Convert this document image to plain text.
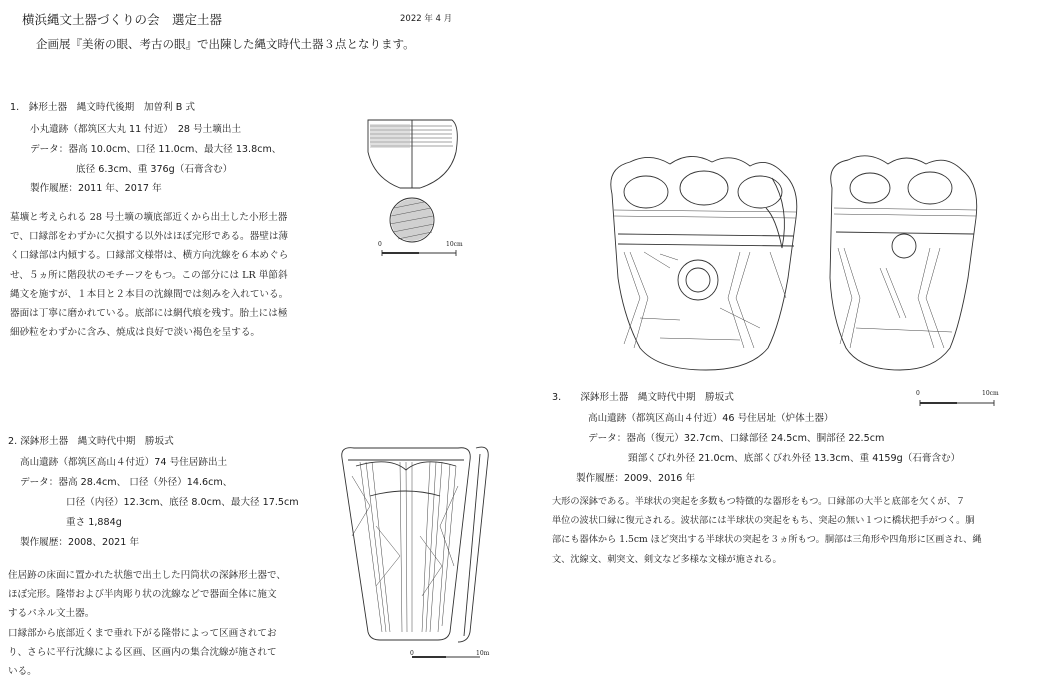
横浜縄文土器づくりの会　選定土器	2022 年 4 月
企画展『美術の眼、考古の眼』で出陳した縄文時代土器３点となります。
1.　鉢形土器　縄文時代後期　加曽利 B 式
小丸遺跡（都筑区大丸 11 付近）　28 号土壙出土
データ：器高 10.0cm、口径 11.0cm、最大径 13.8cm、
底径 6.3cm、重 376g（石膏含む）
製作履歴：2011 年、2017 年
墓壙と考えられる 28 号土壙の壙底部近くから出土した小形土器
で、口縁部をわずかに欠損する以外はほぼ完形である。器壁は薄
く口縁部は内傾する。口縁部文様帯は、横方向沈線を６本めぐら
せ、５ヵ所に階段状のモチーフをもつ。この部分には LR 単節斜
縄文を施すが、１本目と２本目の沈線間では刻みを入れている。
器面は丁寧に磨かれている。底部には網代痕を残す。胎土には極
細砂粒をわずかに含み、焼成は良好で淡い褐色を呈する。
0	10cm
2. 深鉢形土器　縄文時代中期　勝坂式
高山遺跡（都筑区高山４付近）74 号住居跡出土
データ：器高 28.4cm、 口径（外径）14.6cm、
口径（内径）12.3cm、底径 8.0cm、最大径 17.5cm
重さ 1,884g
製作履歴：2008、2021 年
住居跡の床面に置かれた状態で出土した円筒状の深鉢形土器で、
ほぼ完形。隆帯および半肉彫り状の沈線などで器面全体に施文
するパネル文土器。
口縁部から底部近くまで垂れ下がる隆帯によって区画されてお
り、さらに平行沈線による区画、区画内の集合沈線が施されて
いる。
0	10m
0	10cm
3.　　深鉢形土器　縄文時代中期　勝坂式
高山遺跡（都筑区高山４付近）46 号住居址（炉体土器）
データ：器高（復元）32.7cm、口縁部径 24.5cm、胴部径 22.5cm
頸部くびれ外径 21.0cm、底部くびれ外径 13.3cm、重 4159g（石膏含む）
製作履歴：2009、2016 年
大形の深鉢である。半球状の突起を多数もつ特徴的な器形をもつ。口縁部の大半と底部を欠くが、７
単位の波状口縁に復元される。波状部には半球状の突起をもち、突起の無い１つに橋状把手がつく。胴
部にも器体から 1.5cm ほど突出する半球状の突起を３ヵ所もつ。胴部は三角形や四角形に区画され、縄
文、沈線文、刺突文、剣文など多様な文様が施される。
